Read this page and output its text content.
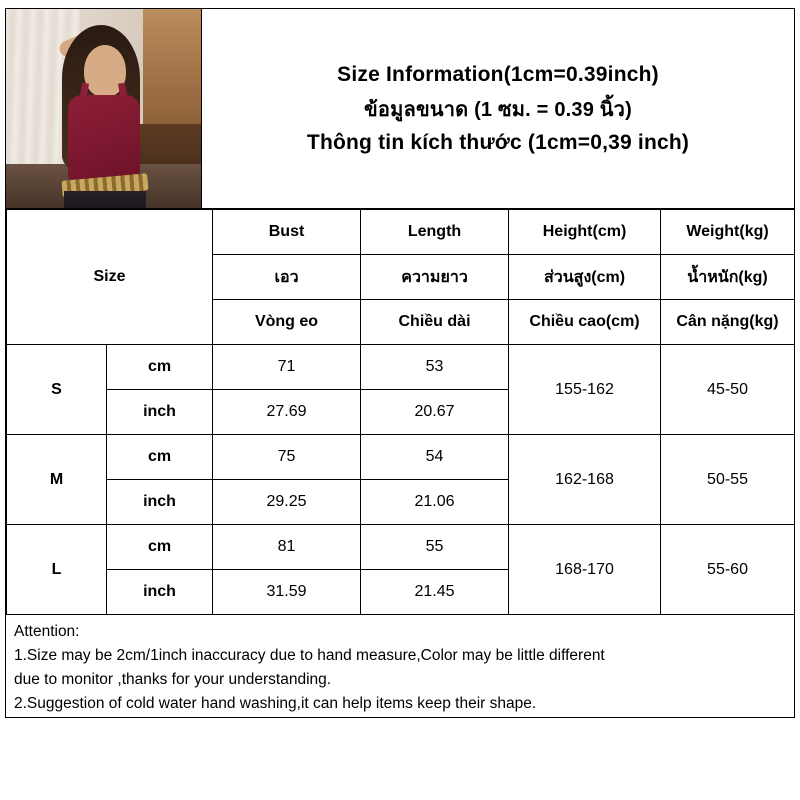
Size Information(1cm=0.39inch)
ข้อมูลขนาด (1 ซม. = 0.39 นิ้ว)
Thông tin kích thước (1cm=0,39 inch)
Size		Bust	Length	Height(cm)	Weight(kg)
		เอว	ความยาว	ส่วนสูง(cm)	น้ำหนัก(kg)
		Vòng eo	Chiều dài	Chiều cao(cm)	Cân nặng(kg)
S	cm	71	53	155-162	45-50
	inch	27.69	20.67		
M	cm	75	54	162-168	50-55
	inch	29.25	21.06		
L	cm	81	55	168-170	55-60
	inch	31.59	21.45		

Attention:

1.Size may be 2cm/1inch inaccuracy due to hand measure,Color may be little different

due to monitor ,thanks for your understanding.

2.Suggestion of cold water hand washing,it can help items keep their shape.
